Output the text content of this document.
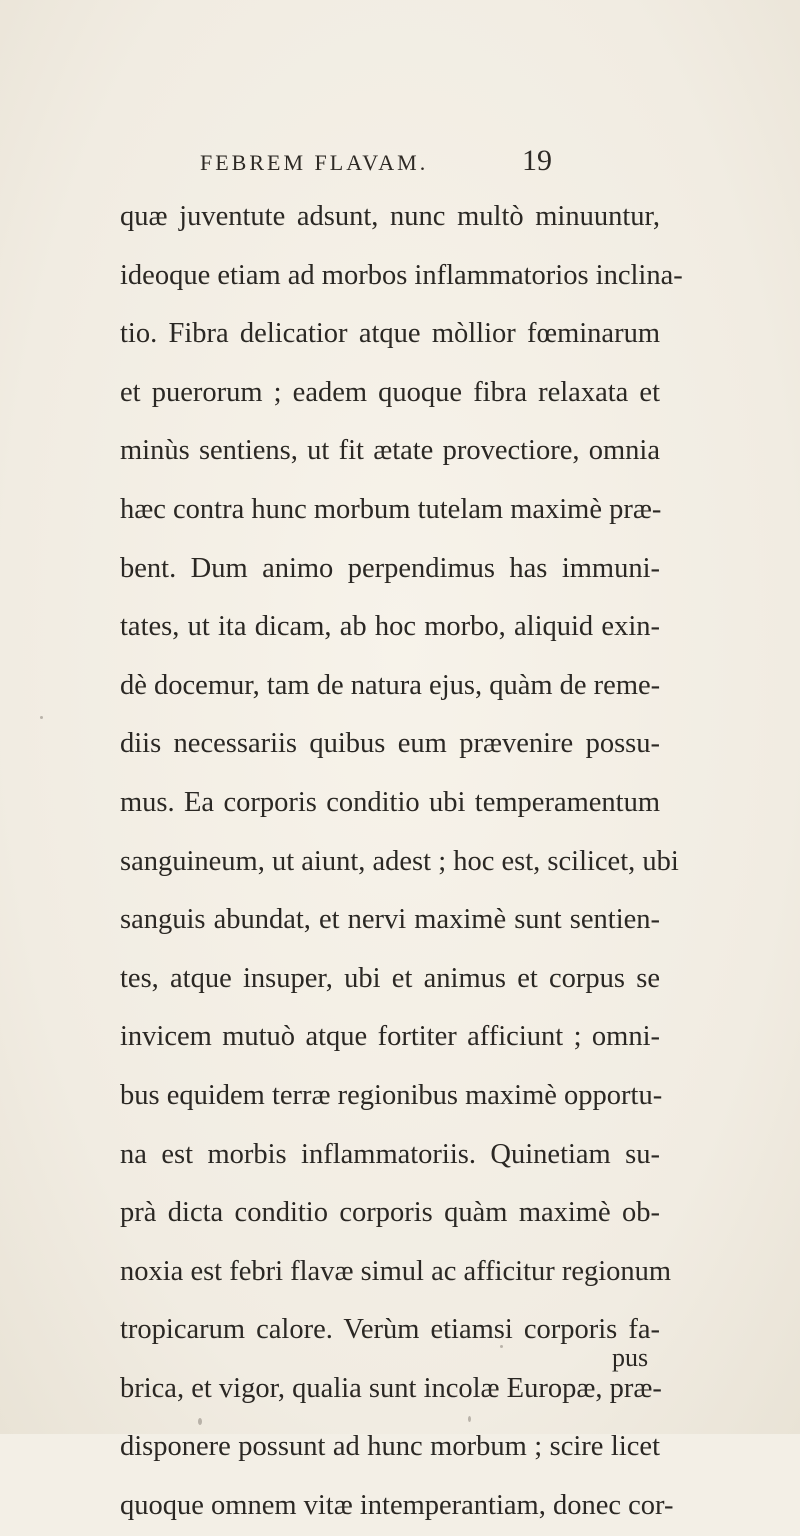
FEBREM FLAVAM.	19
quæ juventute adsunt, nunc multò minuuntur,
ideoque etiam ad morbos inflammatorios inclina-
tio. Fibra delicatior atque mòllior fœminarum
et puerorum ; eadem quoque fibra relaxata et
minùs sentiens, ut fit ætate provectiore, omnia
hæc contra hunc morbum tutelam maximè præ-
bent. Dum animo perpendimus has immuni-
tates, ut ita dicam, ab hoc morbo, aliquid exin-
dè docemur, tam de natura ejus, quàm de reme-
diis necessariis quibus eum prævenire possu-
mus. Ea corporis conditio ubi temperamentum
sanguineum, ut aiunt, adest ; hoc est, scilicet, ubi
sanguis abundat, et nervi maximè sunt sentien-
tes, atque insuper, ubi et animus et corpus se
invicem mutuò atque fortiter afficiunt ; omni-
bus equidem terræ regionibus maximè opportu-
na est morbis inflammatoriis. Quinetiam su-
prà dicta conditio corporis quàm maximè ob-
noxia est febri flavæ simul ac afficitur regionum
tropicarum calore. Verùm etiamsi corporis fa-
brica, et vigor, qualia sunt incolæ Europæ, præ-
disponere possunt ad hunc morbum ; scire licet
quoque omnem vitæ intemperantiam, donec cor-
pus
